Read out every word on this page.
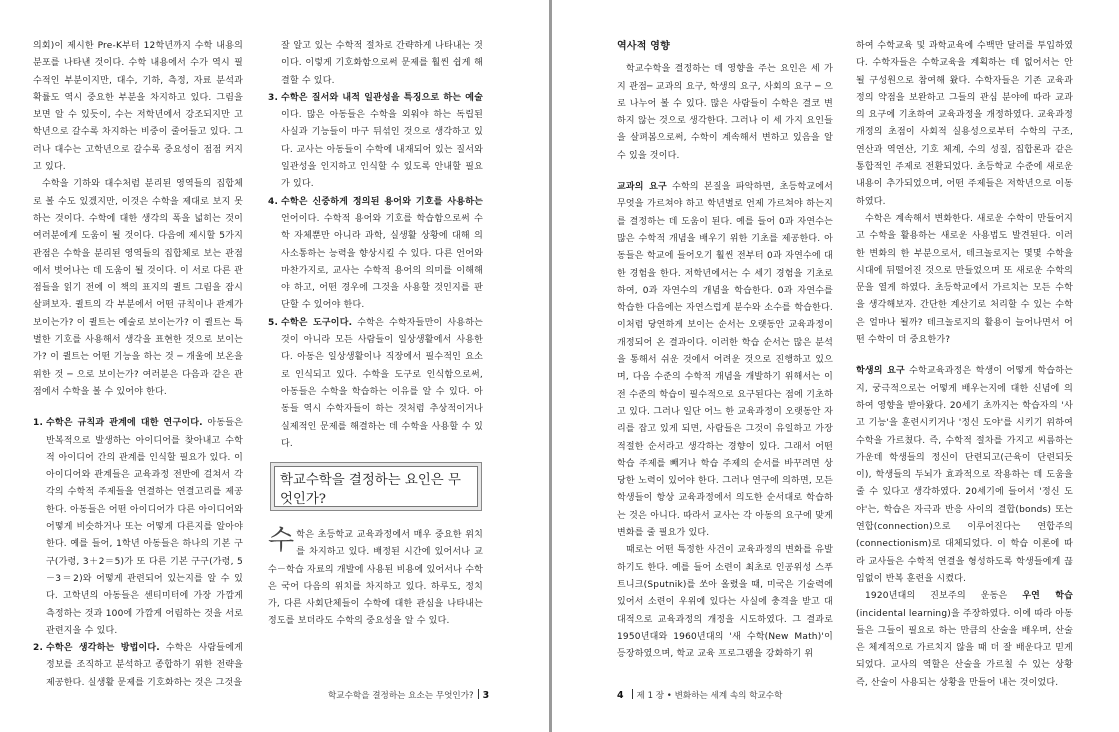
의회)이 제시한 Pre-K부터 12학년까지 수학 내용의 분포를 나타낸 것이다. 수학 내용에서 수가 역시 필수적인 부분이지만, 대수, 기하, 측정, 자료 분석과 확률도 역시 중요한 부분을 차지하고 있다. 그림을 보면 알 수 있듯이, 수는 저학년에서 강조되지만 고학년으로 갈수록 차지하는 비중이 줄어들고 있다. 그러나 대수는 고학년으로 갈수록 중요성이 점점 커지고 있다.

수학을 기하와 대수처럼 분리된 영역들의 집합체로 볼 수도 있겠지만, 이것은 수학을 제대로 보지 못하는 것이다. 수학에 대한 생각의 폭을 넓히는 것이 여러분에게 도움이 될 것이다. 다음에 제시할 5가지 관점은 수학을 분리된 영역들의 집합체로 보는 관점에서 벗어나는 데 도움이 될 것이다. 이 서로 다른 관점들을 읽기 전에 이 책의 표지의 퀼트 그림을 잠시 살펴보자. 퀼트의 각 부분에서 어떤 규칙이나 관계가 보이는가? 이 퀼트는 예술로 보이는가? 이 퀼트는 특별한 기호를 사용해서 생각을 표현한 것으로 보이는가? 이 퀼트는 어떤 기능을 하는 것 ─ 개울에 보온을 위한 것 ─ 으로 보이는가? 여러분은 다음과 같은 관점에서 수학을 볼 수 있어야 한다.

1. 수학은 규칙과 관계에 대한 연구이다. 아동들은 반복적으로 발생하는 아이디어를 찾아내고 수학적 아이디어 간의 관계를 인식할 필요가 있다. 이 아이디어와 관계들은 교육과정 전반에 걸쳐서 각각의 수학적 주제들을 연결하는 연결고리를 제공한다. 아동들은 어떤 아이디어가 다른 아이디어와 어떻게 비슷하거나 또는 어떻게 다른지를 알아야 한다. 예를 들어, 1학년 아동들은 하나의 기본 구구(가령, 3＋2＝5)가 또 다른 기본 구구(가령, 5－3＝2)와 어떻게 관련되어 있는지를 알 수 있다. 고학년의 아동들은 센티미터에 가장 가깝게 측정하는 것과 100에 가깝게 어림하는 것을 서로 관련지을 수 있다.
2. 수학은 생각하는 방법이다. 수학은 사람들에게 정보를 조직하고 분석하고 종합하기 위한 전략을 제공한다. 실생활 문제를 기호화하는 것은 그것을

잘 알고 있는 수학적 절차로 간략하게 나타내는 것이다. 이렇게 기호화함으로써 문제를 훨씬 쉽게 해결할 수 있다.

3. 수학은 질서와 내적 일관성을 특징으로 하는 예술이다. 많은 아동들은 수학을 외워야 하는 독립된 사실과 기능들이 마구 뒤섞인 것으로 생각하고 있다. 교사는 아동들이 수학에 내재되어 있는 질서와 일관성을 인지하고 인식할 수 있도록 안내할 필요가 있다.
4. 수학은 신중하게 정의된 용어와 기호를 사용하는 언어이다. 수학적 용어와 기호를 학습함으로써 수학 자체뿐만 아니라 과학, 실생활 상황에 대해 의사소통하는 능력을 향상시킬 수 있다. 다른 언어와 마찬가지로, 교사는 수학적 용어의 의미를 이해해야 하고, 어떤 경우에 그것을 사용할 것인지를 판단할 수 있어야 한다.
5. 수학은 도구이다. 수학은 수학자들만이 사용하는 것이 아니라 모든 사람들이 일상생활에서 사용한다. 아동은 일상생활이나 직장에서 필수적인 요소로 인식되고 있다. 수학을 도구로 인식함으로써, 아동들은 수학을 학습하는 이유를 알 수 있다. 아동들 역시 수학자들이 하는 것처럼 추상적이거나 실제적인 문제를 해결하는 데 수학을 사용할 수 있다.
학교수학을 결정하는 요인은 무엇인가?
수학은 초등학교 교육과정에서 매우 중요한 위치를 차지하고 있다. 배정된 시간에 있어서나 교수－학습 자료의 개발에 사용된 비용에 있어서나 수학은 국어 다음의 위치를 차지하고 있다. 하루도, 정치가, 다른 사회단체들이 수학에 대한 관심을 나타내는 정도를 보더라도 수학의 중요성을 알 수 있다.
학교수학을 결정하는 요소는 무엇인가? 3

역사적 영향

학교수학을 결정하는 데 영향을 주는 요인은 세 가지 관점─ 교과의 요구, 학생의 요구, 사회의 요구 ─ 으로 나누어 볼 수 있다. 많은 사람들이 수학은 결코 변하지 않는 것으로 생각한다. 그러나 이 세 가지 요인들을 살펴봄으로써, 수학이 계속해서 변하고 있음을 알 수 있을 것이다.

교과의 요구 수학의 본질을 파악하면, 초등학교에서 무엇을 가르쳐야 하고 학년별로 언제 가르쳐야 하는지를 결정하는 데 도움이 된다. 예를 들어 0과 자연수는 많은 수학적 개념을 배우기 위한 기초를 제공한다. 아동들은 학교에 들어오기 훨씬 전부터 0과 자연수에 대한 경험을 한다. 저학년에서는 수 세기 경험을 기초로 하여, 0과 자연수의 개념을 학습한다. 0과 자연수를 학습한 다음에는 자연스럽게 분수와 소수를 학습한다. 이처럼 당연하게 보이는 순서는 오랫동안 교육과정이 개정되어 온 결과이다. 이러한 학습 순서는 많은 분석을 통해서 쉬운 것에서 어려운 것으로 진행하고 있으며, 다음 수준의 수학적 개념을 개발하기 위해서는 이전 수준의 학습이 필수적으로 요구된다는 점에 기초하고 있다. 그러나 일단 어느 한 교육과정이 오랫동안 자리를 잡고 있게 되면, 사람들은 그것이 유일하고 가장 적절한 순서라고 생각하는 경향이 있다. 그래서 어떤 학습 주제를 빼거나 학습 주제의 순서를 바꾸려면 상당한 노력이 있어야 한다. 그러나 연구에 의하면, 모든 학생들이 항상 교육과정에서 의도한 순서대로 학습하는 것은 아니다. 따라서 교사는 각 아동의 요구에 맞게 변화를 줄 필요가 있다.

때로는 어떤 특정한 사건이 교육과정의 변화를 유발하기도 한다. 예를 들어 소련이 최초로 인공위성 스푸트니크(Sputnik)를 쏘아 올렸을 때, 미국은 기술력에 있어서 소련이 우위에 있다는 사실에 충격을 받고 대대적으로 교육과정의 개정을 시도하였다. 그 결과로 1950년대와 1960년대의 '새 수학(New Math)'이 등장하였으며, 학교 교육 프로그램을 강화하기 위

하여 수학교육 및 과학교육에 수백만 달러를 투입하였다. 수학자들은 수학교육을 계획하는 데 없어서는 안 될 구성원으로 참여해 왔다. 수학자들은 기존 교육과정의 약점을 보완하고 그들의 관심 분야에 따라 교과의 요구에 기초하여 교육과정을 개정하였다. 교육과정 개정의 초점이 사회적 실용성으로부터 수학의 구조, 연산과 역연산, 기호 체계, 수의 성질, 집합론과 같은 통합적인 주제로 전환되었다. 초등학교 수준에 새로운 내용이 추가되었으며, 어떤 주제들은 저학년으로 이동하였다.

수학은 계속해서 변화한다. 새로운 수학이 만들어지고 수학을 활용하는 새로운 사용법도 발견된다. 이러한 변화의 한 부분으로서, 테크놀로지는 몇몇 수학을 시대에 뒤떨어진 것으로 만들었으며 또 새로운 수학의 문을 열게 하였다. 초등학교에서 가르치는 모든 수학을 생각해보자. 간단한 계산기로 처리할 수 있는 수학은 얼마나 될까? 테크놀로지의 활용이 늘어나면서 어떤 수학이 더 중요한가?

학생의 요구 수학교육과정은 학생이 어떻게 학습하는지, 궁극적으로는 어떻게 배우는지에 대한 신념에 의하여 영향을 받아왔다. 20세기 초까지는 학습자의 '사고 기능'을 훈련시키거나 '정신 도야'를 시키기 위하여 수학을 가르쳤다. 즉, 수학적 절차를 가지고 씨름하는 가운데 학생들의 정신이 단련되고(근육이 단련되듯이), 학생들의 두뇌가 효과적으로 작용하는 데 도움을 줄 수 있다고 생각하였다. 20세기에 들어서 '정신 도야'는, 학습은 자극과 반응 사이의 결합(bonds) 또는 연합(connection)으로 이루어진다는 연합주의(connectionism)로 대체되었다. 이 학습 이론에 따라 교사들은 수학적 연결을 형성하도록 학생들에게 끊임없이 반복 훈련을 시켰다.

1920년대의 진보주의 운동은 우연 학습(incidental learning)을 주장하였다. 이에 따라 아동들은 그들이 필요로 하는 만큼의 산술을 배우며, 산술은 체계적으로 가르치지 않을 때 더 잘 배운다고 믿게 되었다. 교사의 역할은 산술을 가르칠 수 있는 상황 즉, 산술이 사용되는 상황을 만들어 내는 것이었다.

4 제 1 장 • 변화하는 세계 속의 학교수학
